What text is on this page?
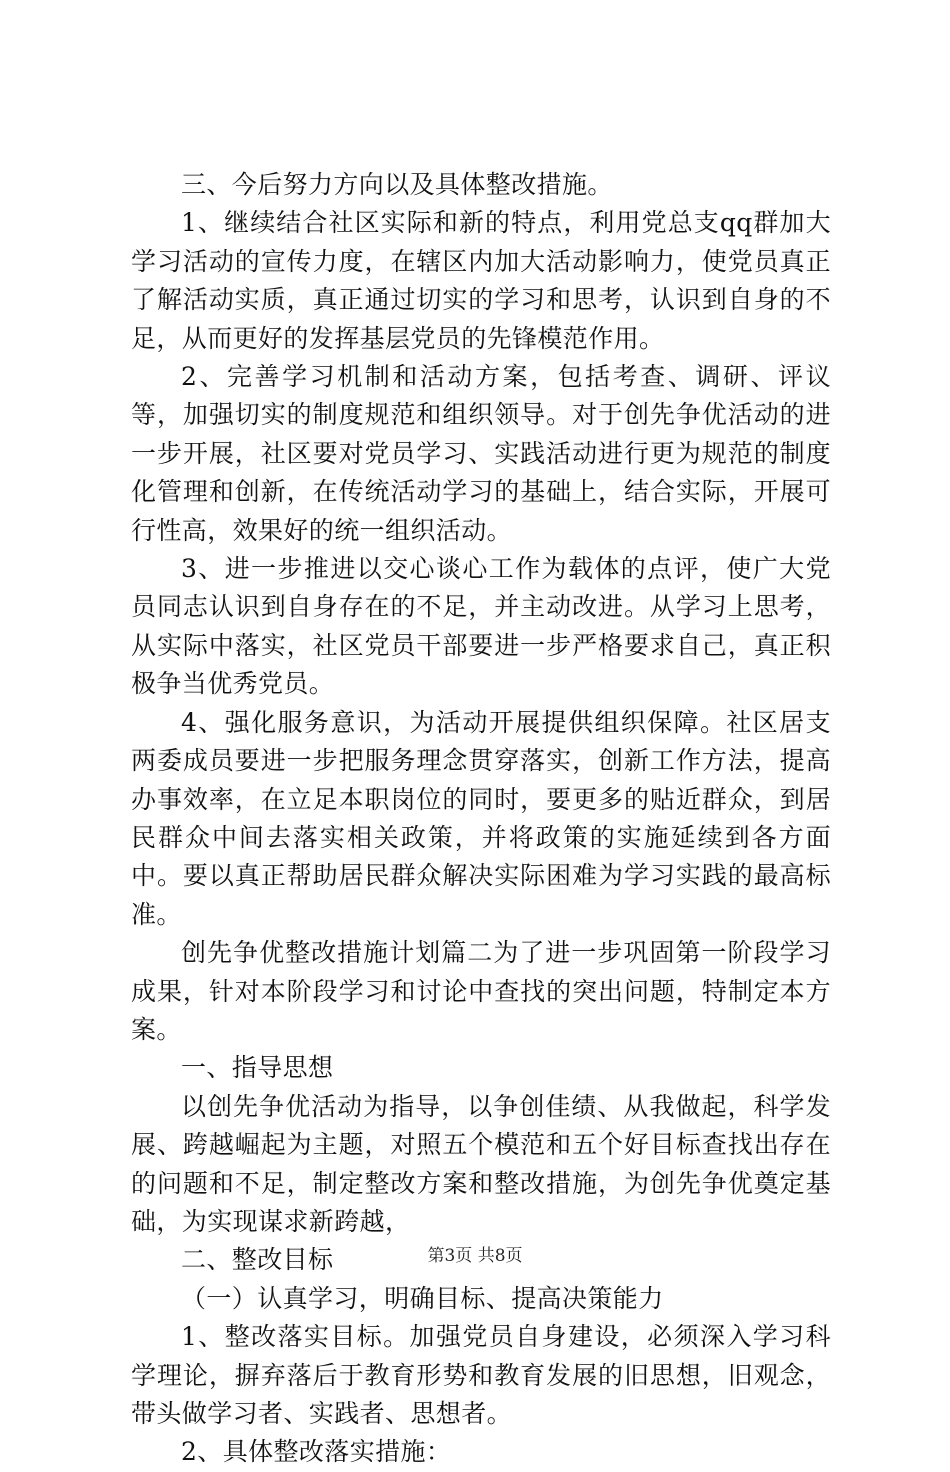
三、今后努力方向以及具体整改措施。

1、继续结合社区实际和新的特点，利用党总支qq群加大学习活动的宣传力度，在辖区内加大活动影响力，使党员真正了解活动实质，真正通过切实的学习和思考，认识到自身的不足，从而更好的发挥基层党员的先锋模范作用。

2、完善学习机制和活动方案，包括考查、调研、评议等，加强切实的制度规范和组织领导。对于创先争优活动的进一步开展，社区要对党员学习、实践活动进行更为规范的制度化管理和创新，在传统活动学习的基础上，结合实际，开展可行性高，效果好的统一组织活动。

3、进一步推进以交心谈心工作为载体的点评，使广大党员同志认识到自身存在的不足，并主动改进。从学习上思考，从实际中落实，社区党员干部要进一步严格要求自己，真正积极争当优秀党员。

4、强化服务意识，为活动开展提供组织保障。社区居支两委成员要进一步把服务理念贯穿落实，创新工作方法，提高办事效率，在立足本职岗位的同时，要更多的贴近群众，到居民群众中间去落实相关政策，并将政策的实施延续到各方面中。要以真正帮助居民群众解决实际困难为学习实践的最高标准。

创先争优整改措施计划篇二为了进一步巩固第一阶段学习成果，针对本阶段学习和讨论中查找的突出问题，特制定本方案。

一、指导思想

以创先争优活动为指导，以争创佳绩、从我做起，科学发展、跨越崛起为主题，对照五个模范和五个好目标查找出存在的问题和不足，制定整改方案和整改措施，为创先争优奠定基础，为实现谋求新跨越，

二、整改目标

（一）认真学习，明确目标、提高决策能力

1、整改落实目标。加强党员自身建设，必须深入学习科学理论，摒弃落后于教育形势和教育发展的旧思想，旧观念，带头做学习者、实践者、思想者。

2、具体整改落实措施：

第3页 共8页
